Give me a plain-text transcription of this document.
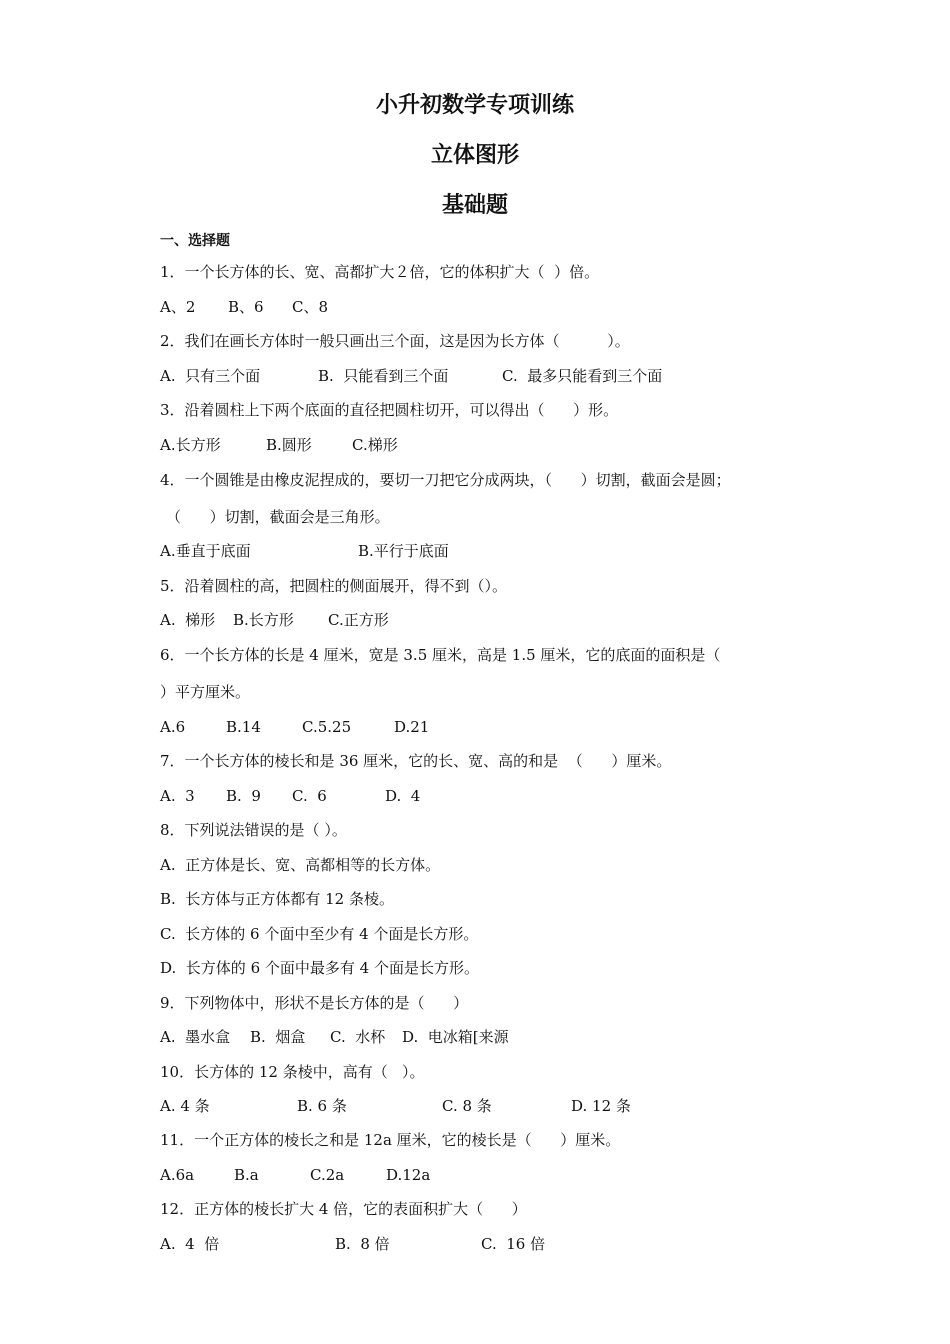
小升初数学专项训练
立体图形
基础题

一、选择题

1．一个长方体的长、宽、高都扩大２倍，它的体积扩大（  ）倍。

A、2 B、6 C、8

2．我们在画长方体时一般只画出三个面，这是因为长方体（          ）。

A.  只有三个面	B.  只能看到三个面	C.  最多只能看到三个面

3．沿着圆柱上下两个底面的直径把圆柱切开，可以得出（      ）形。

A.长方形	B.圆形	C.梯形

4．一个圆锥是由橡皮泥捏成的，要切一刀把它分成两块，（      ）切割，截面会是圆；

（      ）切割，截面会是三角形。

A.垂直于底面	B.平行于底面

5．沿着圆柱的高，把圆柱的侧面展开，得不到（）。

A.  梯形 B.长方形 C.正方形

6．一个长方体的长是 4 厘米，宽是 3.5 厘米，高是 1.5 厘米，它的底面的面积是（

）平方厘米。

A.6	B.14	C.5.25	D.21

7．一个长方体的棱长和是 36 厘米，它的长、宽、高的和是  （      ）厘米。

A.  3 B.  9 C.  6	D.  4

8．下列说法错误的是（ ）。

A.  正方体是长、宽、高都相等的长方体。

B.  长方体与正方体都有 12 条棱。

C.  长方体的 6 个面中至少有 4 个面是长方形。

D.  长方体的 6 个面中最多有 4 个面是长方形。

9．下列物体中，形状不是长方体的是（      ）

A.  墨水盒 B.  烟盒 C.  水杯 D.  电冰箱[来源

10．长方体的 12 条棱中，高有（   ）。

A. 4 条	B. 6 条	C. 8 条	D. 12 条

11．一个正方体的棱长之和是 12a 厘米，它的棱长是（      ）厘米。

A.6a	B.a	C.2a	D.12a

12．正方体的棱长扩大 4 倍，它的表面积扩大（      ）

A.  4  倍	B.  8 倍	C.  16 倍
